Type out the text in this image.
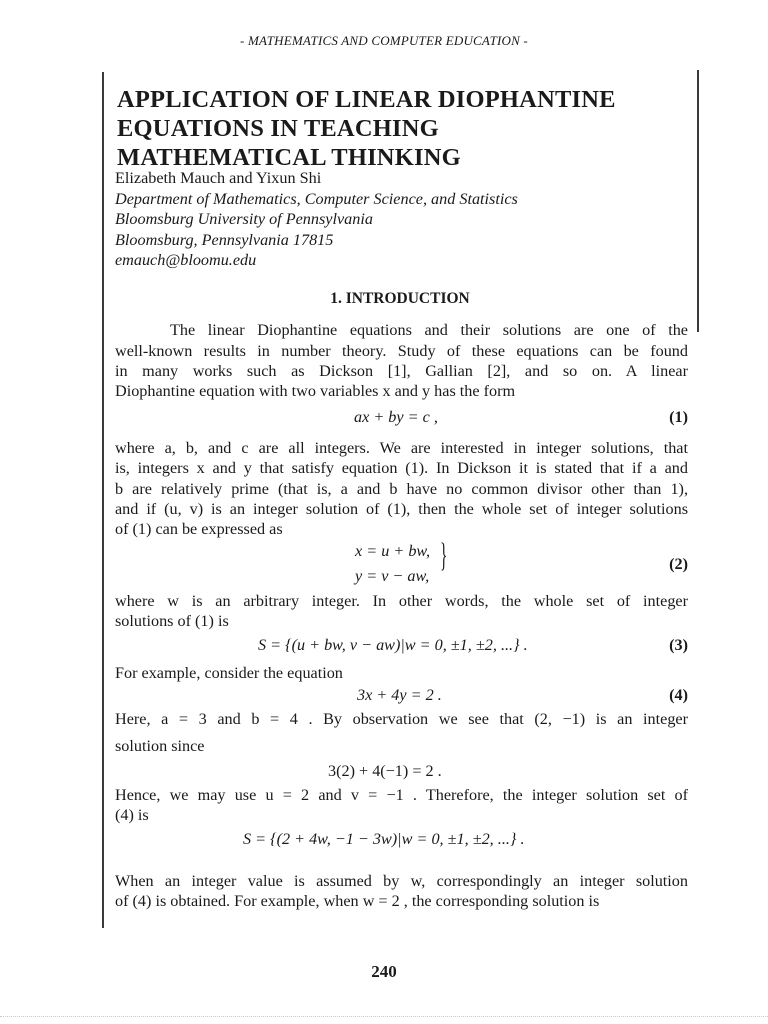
- MATHEMATICS AND COMPUTER EDUCATION -
APPLICATION OF LINEAR DIOPHANTINE
EQUATIONS IN TEACHING
MATHEMATICAL THINKING
Elizabeth Mauch and Yixun Shi
Department of Mathematics, Computer Science, and Statistics
Bloomsburg University of Pennsylvania
Bloomsburg, Pennsylvania 17815
emauch@bloomu.edu
1. INTRODUCTION
The linear Diophantine equations and their solutions are one of the
well-known results in number theory. Study of these equations can be found
in many works such as Dickson [1], Gallian [2], and so on. A linear
Diophantine equation with two variables x and y has the form
ax + by = c ,	(1)
where a, b, and c are all integers. We are interested in integer solutions, that
is, integers x and y that satisfy equation (1). In Dickson it is stated that if a and
b are relatively prime (that is, a and b have no common divisor other than 1),
and if (u, v) is an integer solution of (1), then the whole set of integer solutions
of (1) can be expressed as
x = u + bw,
y = v − aw,
}	(2)
where w is an arbitrary integer. In other words, the whole set of integer
solutions of (1) is
S = {(u + bw, v − aw)|w = 0, ±1, ±2, ...} .	(3)
For example, consider the equation
3x + 4y = 2 .	(4)
Here, a = 3 and b = 4 . By observation we see that (2, −1) is an integer
solution since
3(2) + 4(−1) = 2 .
Hence, we may use u = 2 and v = −1 . Therefore, the integer solution set of
(4) is
S = {(2 + 4w, −1 − 3w)|w = 0, ±1, ±2, ...} .
When an integer value is assumed by w, correspondingly an integer solution
of (4) is obtained. For example, when w = 2 , the corresponding solution is
240
